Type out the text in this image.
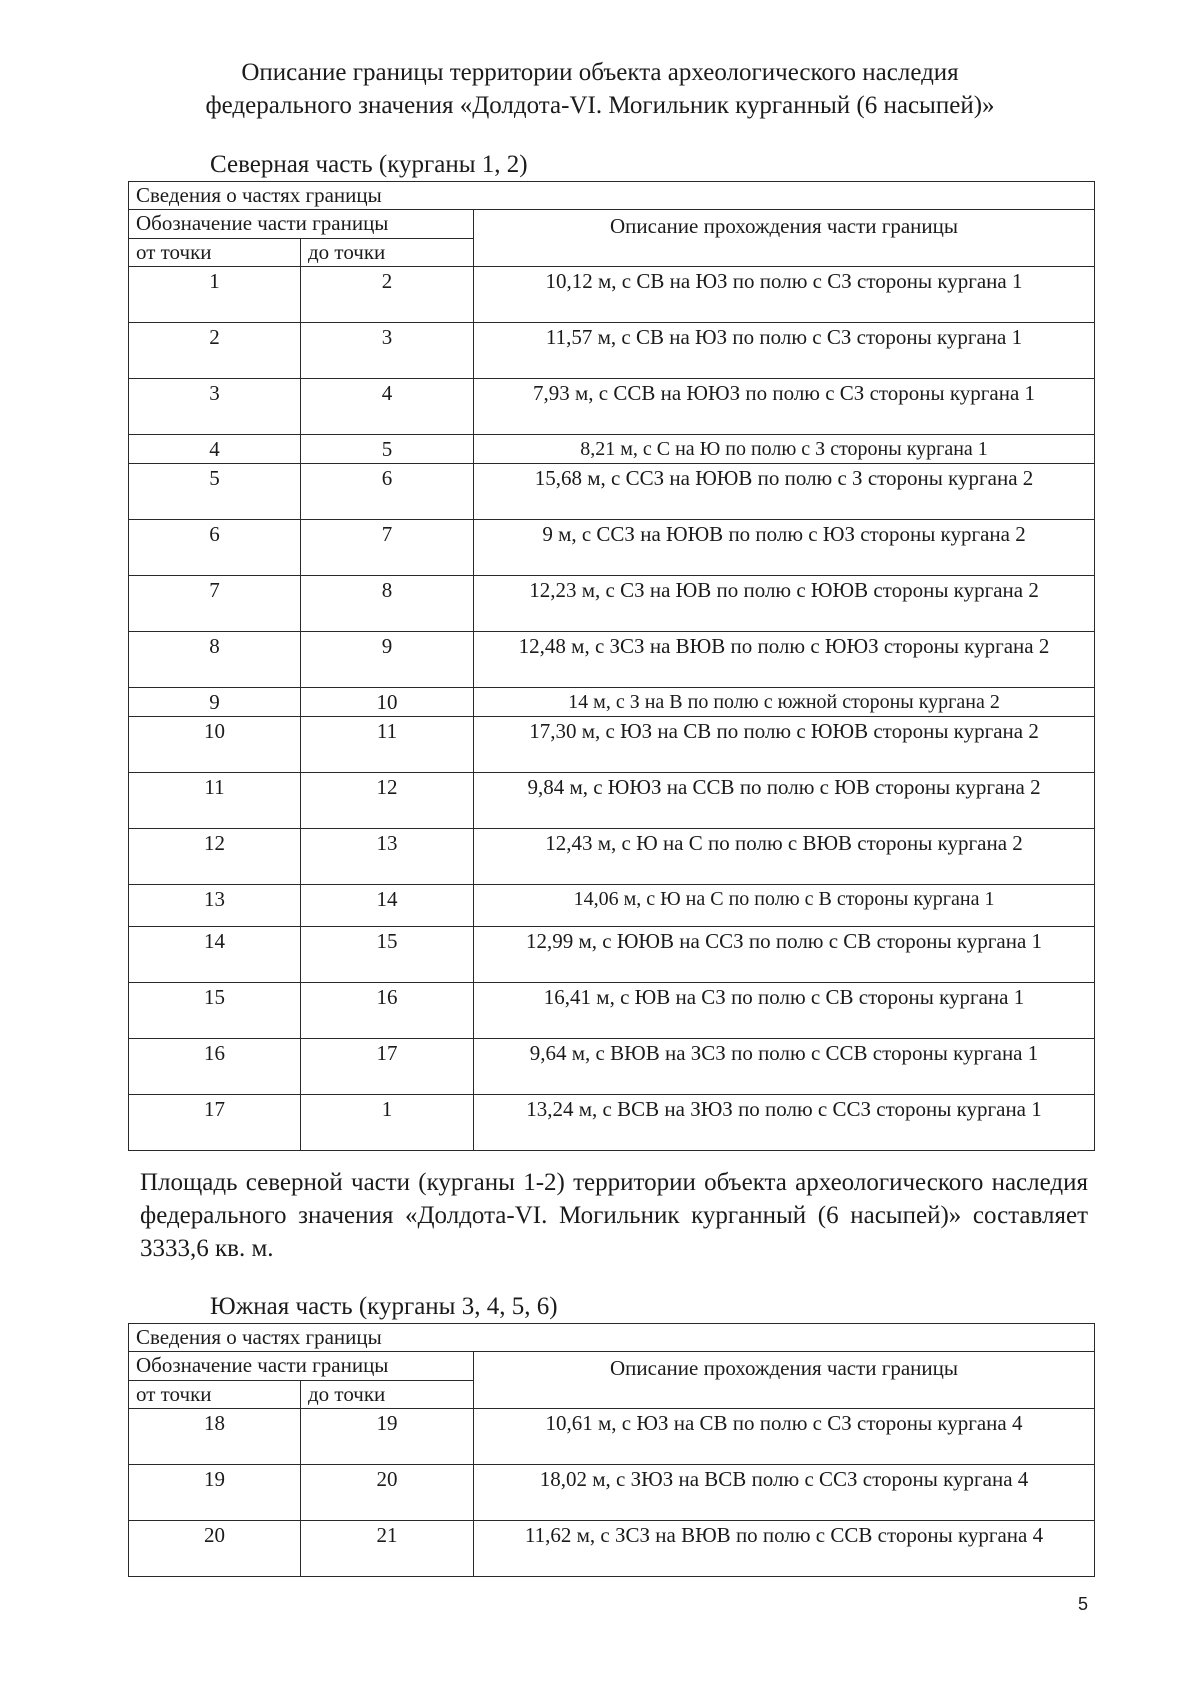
Описание границы территории объекта археологического наследия
федерального значения «Долдота-VI. Могильник курганный (6 насыпей)»
Северная часть (курганы 1, 2)
Сведения о частях границы		
Обозначение части границы		Описание прохождения части границы
от точки	до точки	
1	2	10,12 м, с СВ на ЮЗ по полю с СЗ стороны кургана 1
2	3	11,57 м, с СВ на ЮЗ по полю с СЗ стороны кургана 1
3	4	7,93 м, с ССВ на ЮЮЗ по полю с СЗ стороны кургана 1
4	5	8,21 м, с С на Ю по полю с З стороны кургана 1
5	6	15,68 м, с ССЗ на ЮЮВ по полю с З стороны кургана 2
6	7	9 м, с ССЗ на ЮЮВ по полю с ЮЗ стороны кургана 2
7	8	12,23 м, с СЗ на ЮВ по полю с ЮЮВ стороны кургана 2
8	9	12,48 м, с ЗСЗ на ВЮВ по полю с ЮЮЗ стороны кургана 2
9	10	14 м, с З на В по полю с южной стороны кургана 2
10	11	17,30 м, с ЮЗ на СВ по полю с ЮЮВ стороны кургана 2
11	12	9,84 м, с ЮЮЗ на ССВ по полю с ЮВ стороны кургана 2
12	13	12,43 м, с Ю на С по полю с ВЮВ стороны кургана 2
13	14	14,06 м, с Ю на С по полю с В стороны кургана 1
14	15	12,99 м, с ЮЮВ на ССЗ по полю с СВ стороны кургана 1
15	16	16,41 м, с ЮВ на СЗ по полю с СВ стороны кургана 1
16	17	9,64 м, с ВЮВ на ЗСЗ по полю с ССВ стороны кургана 1
17	1	13,24 м, с ВСВ на ЗЮЗ по полю с ССЗ стороны кургана 1
Площадь северной части (курганы 1-2) территории объекта археологического наследия федерального значения «Долдота-VI. Могильник курганный (6 насыпей)» составляет 3333,6 кв. м.
Южная часть (курганы 3, 4, 5, 6)
Сведения о частях границы		
Обозначение части границы		Описание прохождения части границы
от точки	до точки	
18	19	10,61 м, с ЮЗ на СВ по полю с СЗ стороны кургана 4
19	20	18,02 м, с ЗЮЗ на ВСВ полю с ССЗ стороны кургана 4
20	21	11,62 м, с ЗСЗ на ВЮВ по полю с ССВ стороны кургана 4
5
